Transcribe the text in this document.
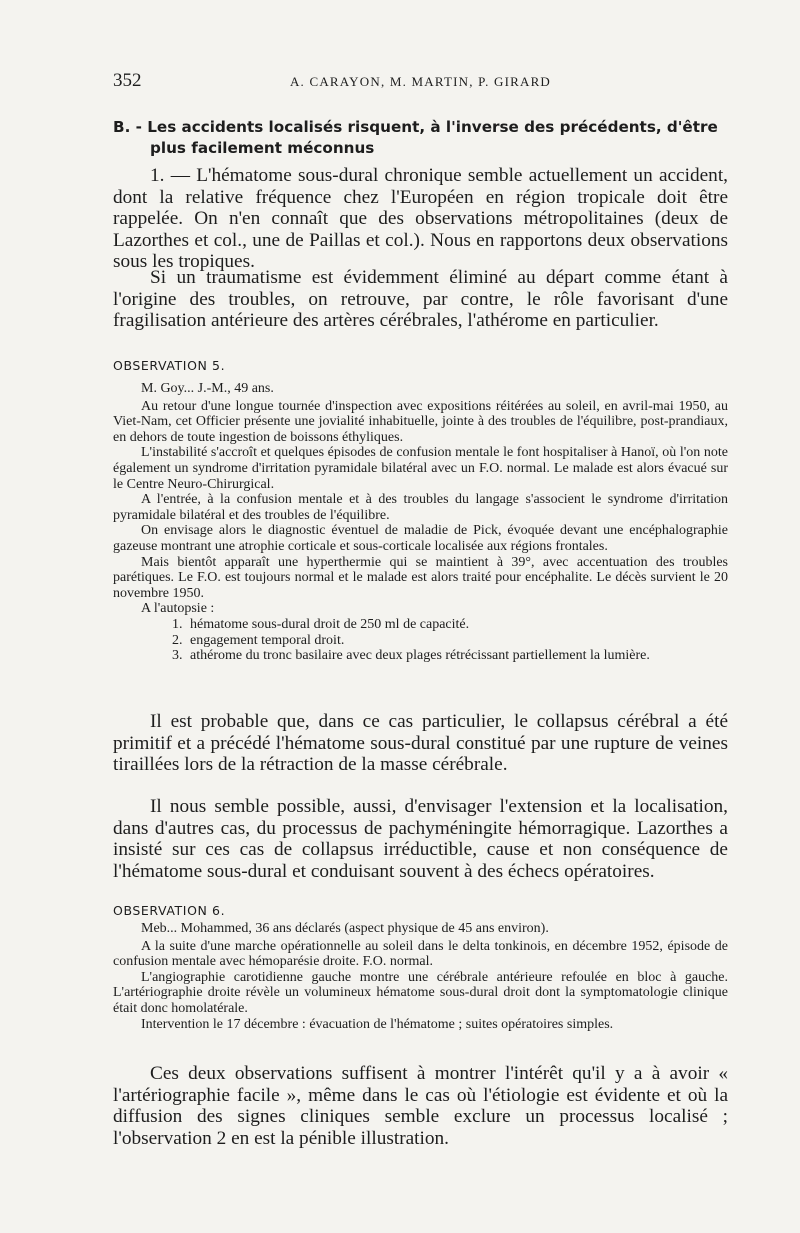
352	A. CARAYON, M. MARTIN, P. GIRARD
B. - Les accidents localisés risquent, à l'inverse des précédents, d'être
plus facilement méconnus

1. — L'hématome sous-dural chronique semble actuellement un accident, dont la relative fréquence chez l'Européen en région tropicale doit être rappelée. On n'en connaît que des observations métropolitaines (deux de Lazorthes et col., une de Paillas et col.). Nous en rapportons deux observations sous les tropiques.

Si un traumatisme est évidemment éliminé au départ comme étant à l'origine des troubles, on retrouve, par contre, le rôle favorisant d'une fragilisation antérieure des artères cérébrales, l'athérome en particulier.

OBSERVATION 5.

M. Goy... J.-M., 49 ans.

Au retour d'une longue tournée d'inspection avec expositions réitérées au soleil, en avril-mai 1950, au Viet-Nam, cet Officier présente une jovialité inhabituelle, jointe à des troubles de l'équilibre, post-prandiaux, en dehors de toute ingestion de boissons éthyliques.

L'instabilité s'accroît et quelques épisodes de confusion mentale le font hospitaliser à Hanoï, où l'on note également un syndrome d'irritation pyramidale bilatéral avec un F.O. normal. Le malade est alors évacué sur le Centre Neuro-Chirurgical.

A l'entrée, à la confusion mentale et à des troubles du langage s'associent le syndrome d'irritation pyramidale bilatéral et des troubles de l'équilibre.

On envisage alors le diagnostic éventuel de maladie de Pick, évoquée devant une encéphalographie gazeuse montrant une atrophie corticale et sous-corticale localisée aux régions frontales.

Mais bientôt apparaît une hyperthermie qui se maintient à 39°, avec accentuation des troubles parétiques. Le F.O. est toujours normal et le malade est alors traité pour encéphalite. Le décès survient le 20 novembre 1950.

A l'autopsie :

1. hématome sous-dural droit de 250 ml de capacité.
2. engagement temporal droit.
3. athérome du tronc basilaire avec deux plages rétrécissant partiellement la lumière.

Il est probable que, dans ce cas particulier, le collapsus cérébral a été primitif et a précédé l'hématome sous-dural constitué par une rupture de veines tiraillées lors de la rétraction de la masse cérébrale.

Il nous semble possible, aussi, d'envisager l'extension et la localisation, dans d'autres cas, du processus de pachyméningite hémorragique. Lazorthes a insisté sur ces cas de collapsus irréductible, cause et non conséquence de l'hématome sous-dural et conduisant souvent à des échecs opératoires.

OBSERVATION 6.

Meb... Mohammed, 36 ans déclarés (aspect physique de 45 ans environ).

A la suite d'une marche opérationnelle au soleil dans le delta tonkinois, en décembre 1952, épisode de confusion mentale avec hémoparésie droite. F.O. normal.

L'angiographie carotidienne gauche montre une cérébrale antérieure refoulée en bloc à gauche. L'artériographie droite révèle un volumineux hématome sous-dural droit dont la symptomatologie clinique était donc homolatérale.

Intervention le 17 décembre : évacuation de l'hématome ; suites opératoires simples.

Ces deux observations suffisent à montrer l'intérêt qu'il y a à avoir « l'artériographie facile », même dans le cas où l'étiologie est évidente et où la diffusion des signes cliniques semble exclure un processus localisé ; l'observation 2 en est la pénible illustration.
